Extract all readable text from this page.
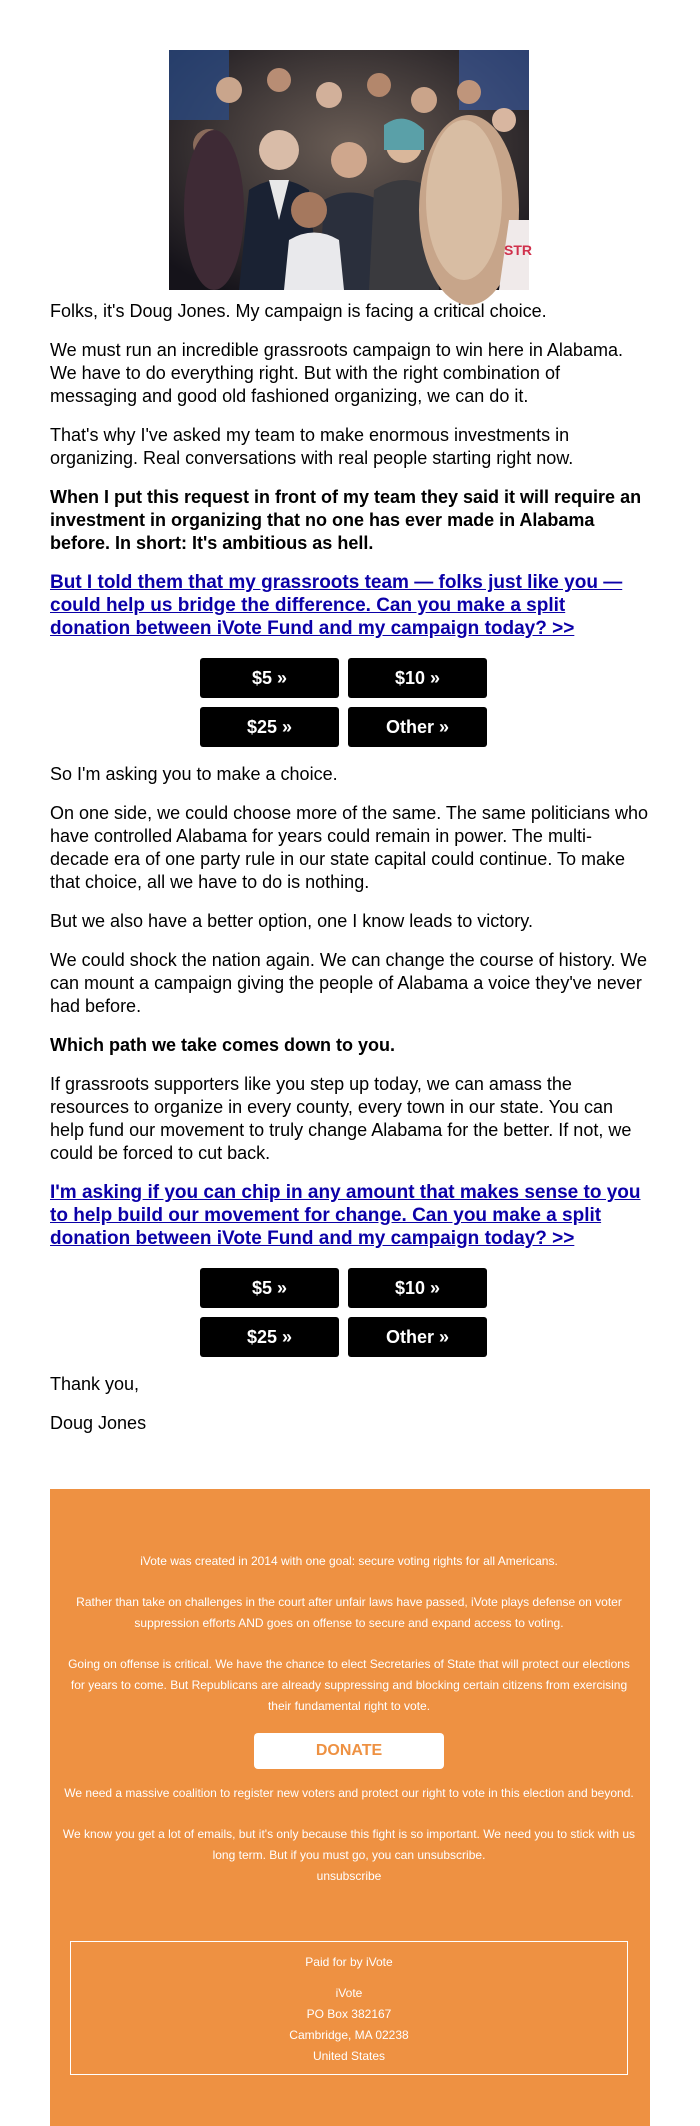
STR

Folks, it's Doug Jones. My campaign is facing a critical choice.

We must run an incredible grassroots campaign to win here in Alabama. We have to do everything right. But with the right combination of messaging and good old fashioned organizing, we can do it.

That's why I've asked my team to make enormous investments in organizing. Real conversations with real people starting right now.

When I put this request in front of my team they said it will require an investment in organizing that no one has ever made in Alabama before. In short: It's ambitious as hell.

But I told them that my grassroots team — folks just like you — could help us bridge the difference. Can you make a split donation between iVote Fund and my campaign today? >>
$5 »	$10 »
$25 »	Other »

So I'm asking you to make a choice.

On one side, we could choose more of the same. The same politicians who have controlled Alabama for years could remain in power. The multi-decade era of one party rule in our state capital could continue. To make that choice, all we have to do is nothing.

But we also have a better option, one I know leads to victory.

We could shock the nation again. We can change the course of history. We can mount a campaign giving the people of Alabama a voice they've never had before.

Which path we take comes down to you.

If grassroots supporters like you step up today, we can amass the resources to organize in every county, every town in our state. You can help fund our movement to truly change Alabama for the better. If not, we could be forced to cut back.

I'm asking if you can chip in any amount that makes sense to you to help build our movement for change. Can you make a split donation between iVote Fund and my campaign today? >>
$5 »	$10 »
$25 »	Other »

Thank you,

Doug Jones

iVote was created in 2014 with one goal: secure voting rights for all Americans.

Rather than take on challenges in the court after unfair laws have passed, iVote plays defense on voter suppression efforts AND goes on offense to secure and expand access to voting.

Going on offense is critical. We have the chance to elect Secretaries of State that will protect our elections for years to come. But Republicans are already suppressing and blocking certain citizens from exercising their fundamental right to vote.

DONATE

We need a massive coalition to register new voters and protect our right to vote in this election and beyond.

We know you get a lot of emails, but it's only because this fight is so important. We need you to stick with us long term. But if you must go, you can unsubscribe.

unsubscribe

Paid for by iVote

iVote

PO Box 382167

Cambridge, MA 02238

United States
